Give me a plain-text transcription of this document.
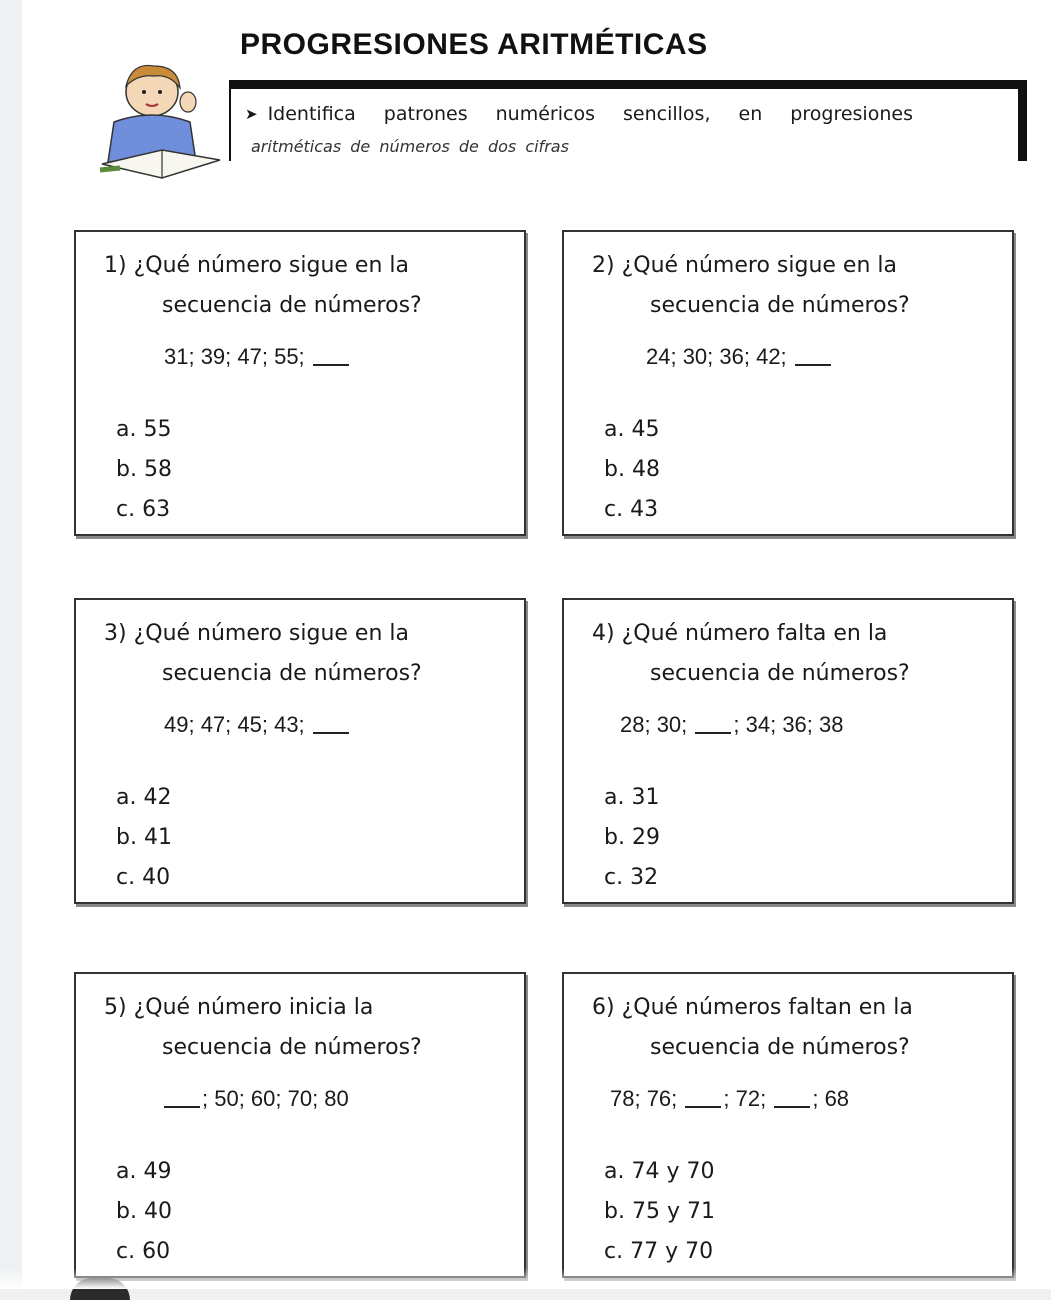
PROGRESIONES ARITMÉTICAS
➤ Identifica patrones numéricos sencillos, en progresiones
aritméticas de números de dos cifras
1) ¿Qué número sigue en la
secuencia de números?
31; 39; 47; 55;
a. 55
b. 58
c. 63
2) ¿Qué número sigue en la
secuencia de números?
24; 30; 36; 42;
a. 45
b. 48
c. 43
3) ¿Qué número sigue en la
secuencia de números?
49; 47; 45; 43;
a. 42
b. 41
c. 40
4) ¿Qué número falta en la
secuencia de números?
28; 30; ; 34; 36; 38
a. 31
b. 29
c. 32
5) ¿Qué número inicia la
secuencia de números?
; 50; 60; 70; 80
a. 49
b. 40
c. 60
6) ¿Qué números faltan en la
secuencia de números?
78; 76; ; 72; ; 68
a. 74 y 70
b. 75 y 71
c. 77 y 70
